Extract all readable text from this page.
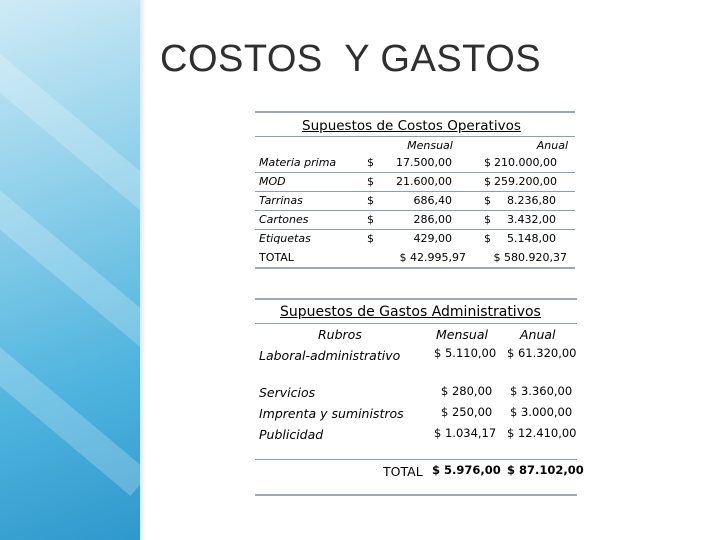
COSTOS  Y GASTOS
Supuestos de Costos Operativos
Mensual	Anual
Materia prima	$	17.500,00	$ 210.000,00
MOD	$	21.600,00	$ 259.200,00
Tarrinas	$	686,40	$	8.236,80
Cartones	$	286,00	$	3.432,00
Etiquetas	$	429,00	$	5.148,00
TOTAL	$ 42.995,97	$ 580.920,37
Supuestos de Gastos Administrativos
Rubros	Mensual	Anual
Laboral-administrativo	$ 5.110,00 $ 61.320,00
Servicios	$ 280,00 $ 3.360,00
Imprenta y suministros	$ 250,00 $ 3.000,00
Publicidad	$ 1.034,17 $ 12.410,00
TOTAL $ 5.976,00 $ 87.102,00
